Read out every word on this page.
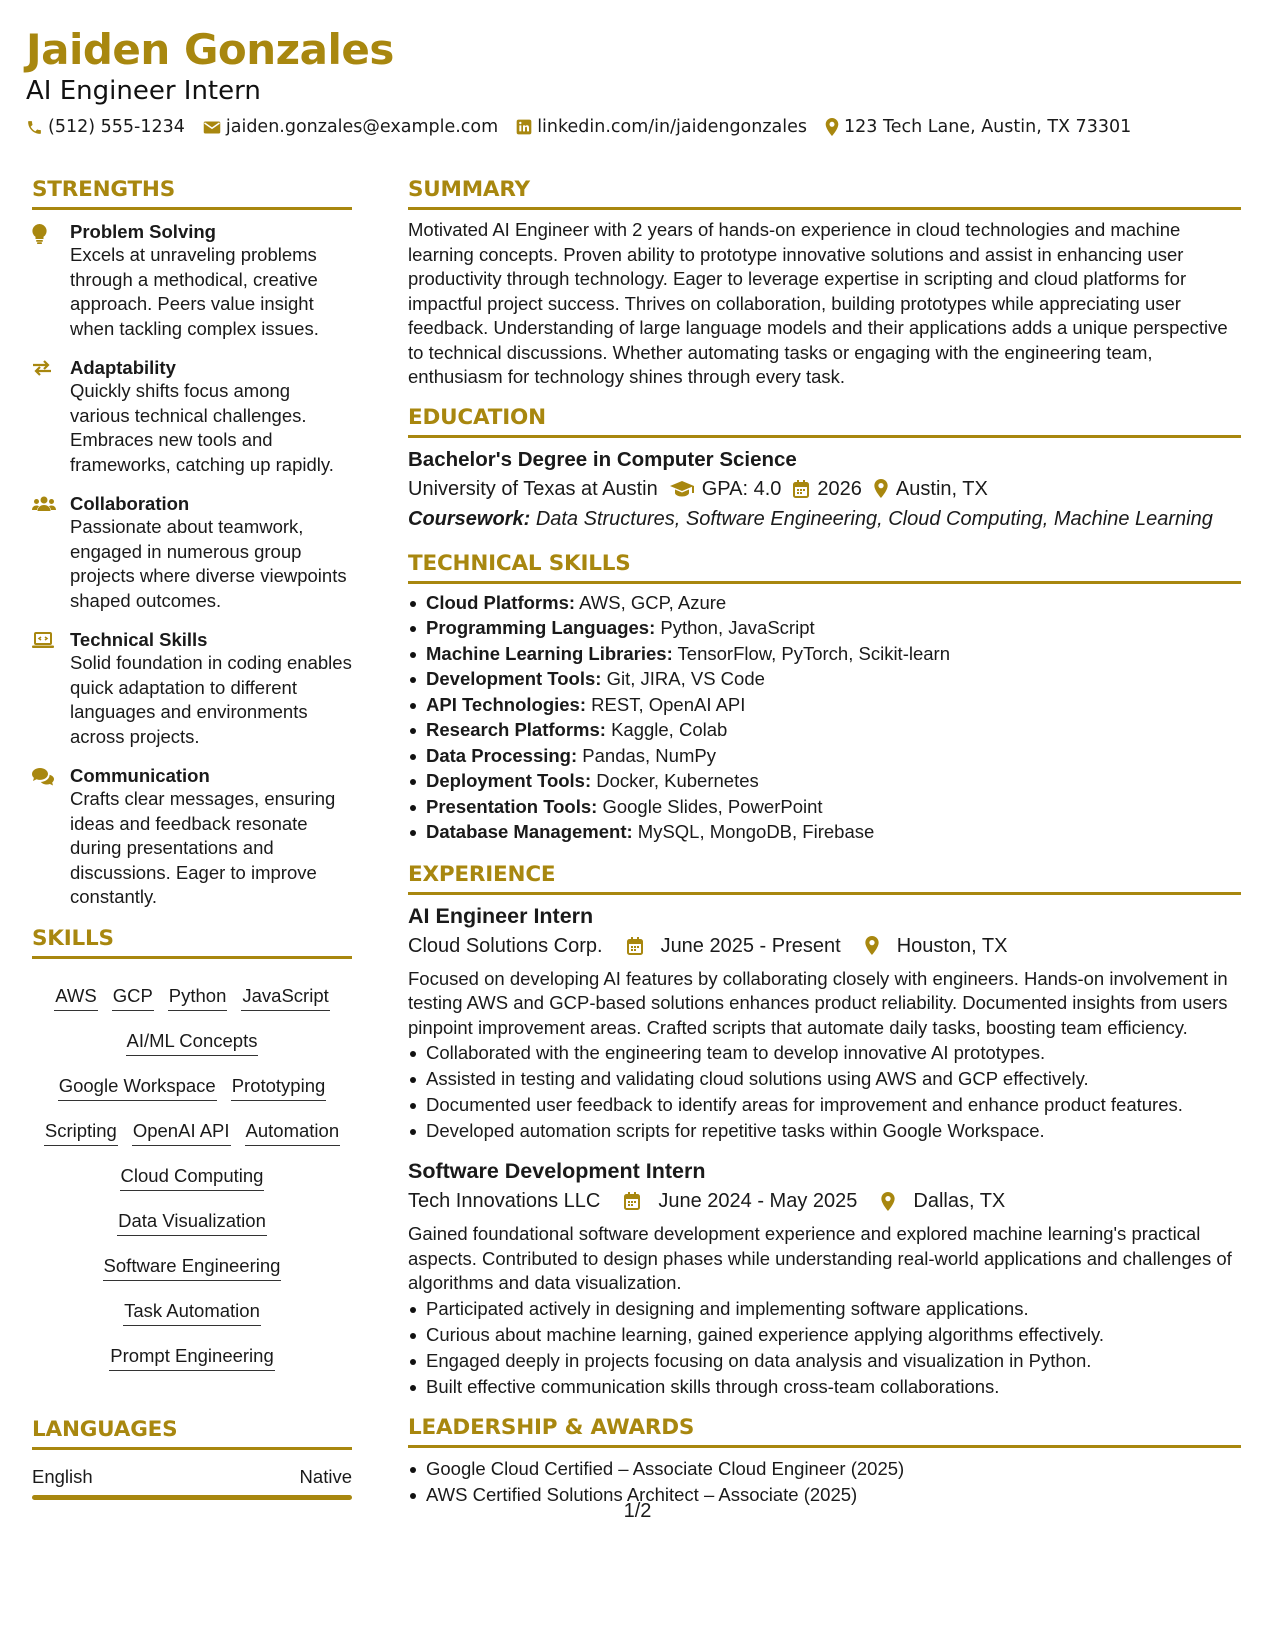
Jaiden Gonzales
AI Engineer Intern
(512) 555-1234 jaiden.gonzales@example.com linkedin.com/in/jaidengonzales 123 Tech Lane, Austin, TX 73301
STRENGTHS
Problem Solving
Excels at unraveling problems through a methodical, creative approach. Peers value insight when tackling complex issues.
Adaptability
Quickly shifts focus among various technical challenges. Embraces new tools and frameworks, catching up rapidly.
Collaboration
Passionate about teamwork, engaged in numerous group projects where diverse viewpoints shaped outcomes.
Technical Skills
Solid foundation in coding enables quick adaptation to different languages and environments across projects.
Communication
Crafts clear messages, ensuring ideas and feedback resonate during presentations and discussions. Eager to improve constantly.
SKILLS
AWS GCP Python JavaScript
AI/ML Concepts
Google Workspace Prototyping
Scripting OpenAI API Automation
Cloud Computing
Data Visualization
Software Engineering
Task Automation
Prompt Engineering
LANGUAGES
English	Native
SUMMARY
Motivated AI Engineer with 2 years of hands-on experience in cloud technologies and machine learning concepts. Proven ability to prototype innovative solutions and assist in enhancing user productivity through technology. Eager to leverage expertise in scripting and cloud platforms for impactful project success. Thrives on collaboration, building prototypes while appreciating user feedback. Understanding of large language models and their applications adds a unique perspective to technical discussions. Whether automating tasks or engaging with the engineering team, enthusiasm for technology shines through every task.
EDUCATION
Bachelor's Degree in Computer Science
University of Texas at Austin GPA: 4.0 2026 Austin, TX
Coursework: Data Structures, Software Engineering, Cloud Computing, Machine Learning
TECHNICAL SKILLS
Cloud Platforms: AWS, GCP, Azure
Programming Languages: Python, JavaScript
Machine Learning Libraries: TensorFlow, PyTorch, Scikit-learn
Development Tools: Git, JIRA, VS Code
API Technologies: REST, OpenAI API
Research Platforms: Kaggle, Colab
Data Processing: Pandas, NumPy
Deployment Tools: Docker, Kubernetes
Presentation Tools: Google Slides, PowerPoint
Database Management: MySQL, MongoDB, Firebase
EXPERIENCE
AI Engineer Intern
Cloud Solutions Corp.	June 2025 - Present	Houston, TX
Focused on developing AI features by collaborating closely with engineers. Hands-on involvement in testing AWS and GCP-based solutions enhances product reliability. Documented insights from users pinpoint improvement areas. Crafted scripts that automate daily tasks, boosting team efficiency.
Collaborated with the engineering team to develop innovative AI prototypes.
Assisted in testing and validating cloud solutions using AWS and GCP effectively.
Documented user feedback to identify areas for improvement and enhance product features.
Developed automation scripts for repetitive tasks within Google Workspace.
Software Development Intern
Tech Innovations LLC	June 2024 - May 2025	Dallas, TX
Gained foundational software development experience and explored machine learning's practical aspects. Contributed to design phases while understanding real-world applications and challenges of algorithms and data visualization.
Participated actively in designing and implementing software applications.
Curious about machine learning, gained experience applying algorithms effectively.
Engaged deeply in projects focusing on data analysis and visualization in Python.
Built effective communication skills through cross-team collaborations.
LEADERSHIP & AWARDS
Google Cloud Certified – Associate Cloud Engineer (2025)
AWS Certified Solutions Architect – Associate (2025)
1/2
